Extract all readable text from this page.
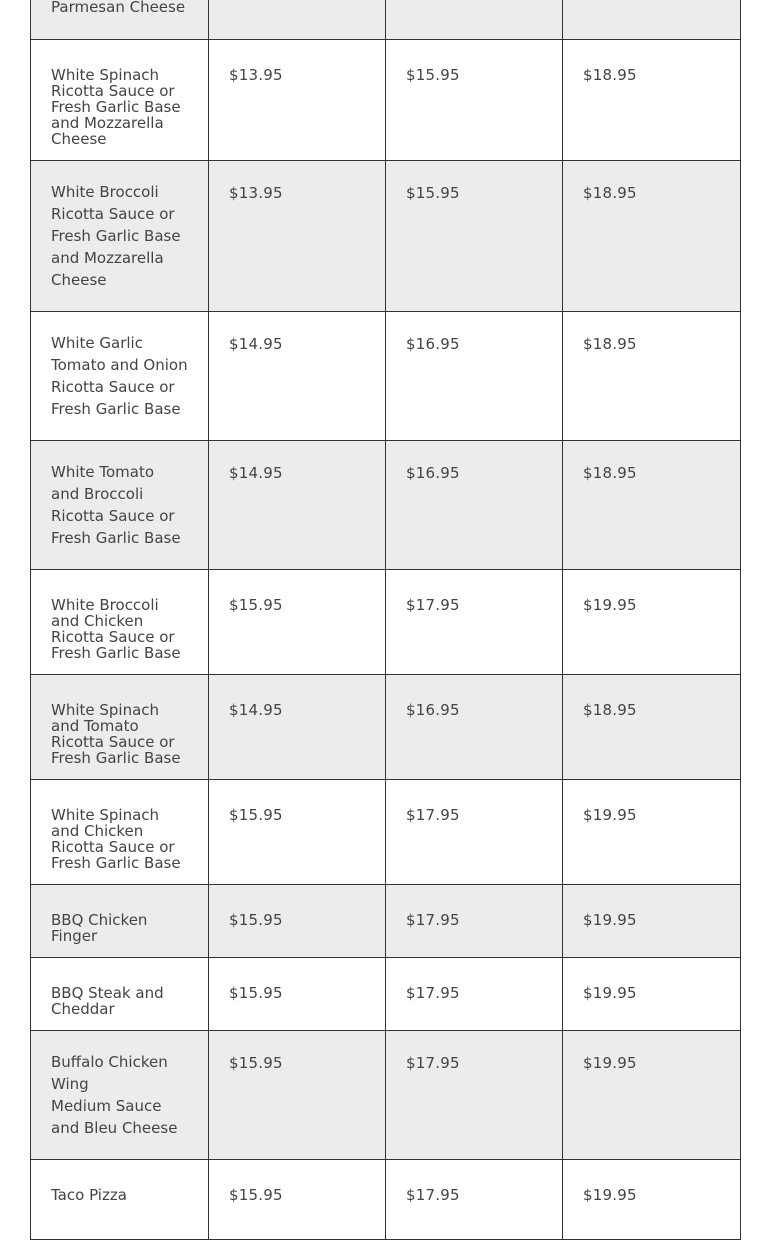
Parmesan Cheese			

White Spinach
Ricotta Sauce or
Fresh Garlic Base
and Mozzarella
Cheese	$13.95	$15.95	$18.95

White Broccoli
Ricotta Sauce or
Fresh Garlic Base
and Mozzarella
Cheese	$13.95	$15.95	$18.95

White Garlic
Tomato and Onion
Ricotta Sauce or
Fresh Garlic Base	$14.95	$16.95	$18.95

White Tomato
and Broccoli
Ricotta Sauce or
Fresh Garlic Base	$14.95	$16.95	$18.95

White Broccoli
and Chicken
Ricotta Sauce or
Fresh Garlic Base	$15.95	$17.95	$19.95

White Spinach
and Tomato
Ricotta Sauce or
Fresh Garlic Base	$14.95	$16.95	$18.95

White Spinach
and Chicken
Ricotta Sauce or
Fresh Garlic Base	$15.95	$17.95	$19.95

BBQ Chicken
Finger	$15.95	$17.95	$19.95

BBQ Steak and
Cheddar	$15.95	$17.95	$19.95

Buffalo Chicken
Wing
Medium Sauce
and Bleu Cheese	$15.95	$17.95	$19.95

Taco Pizza	$15.95	$17.95	$19.95
